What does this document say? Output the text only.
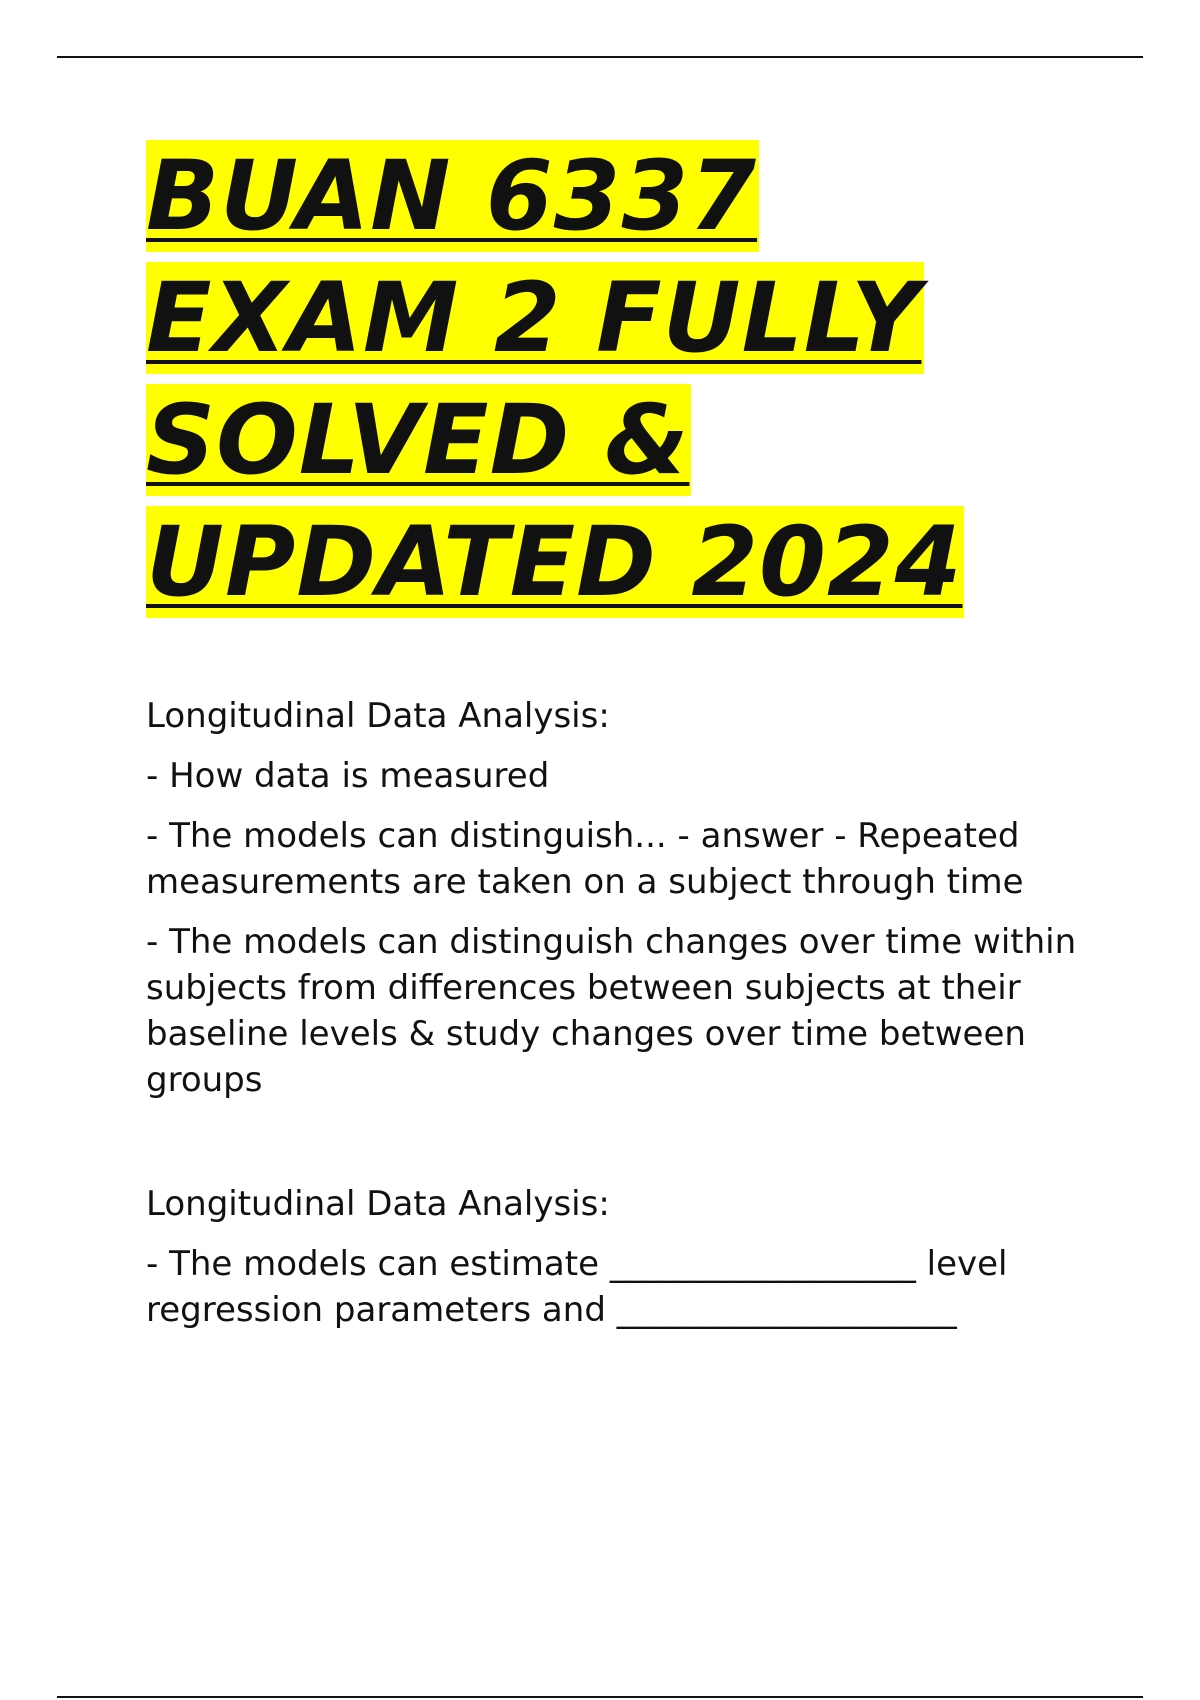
BUAN 6337
EXAM 2 FULLY
SOLVED &
UPDATED 2024

Longitudinal Data Analysis:

- How data is measured

- The models can distinguish... - answer - Repeated measurements are taken on a subject through time

- The models can distinguish changes over time within subjects from differences between subjects at their baseline levels & study changes over time between groups

Longitudinal Data Analysis:

- The models can estimate __________________ level regression parameters and ____________________
